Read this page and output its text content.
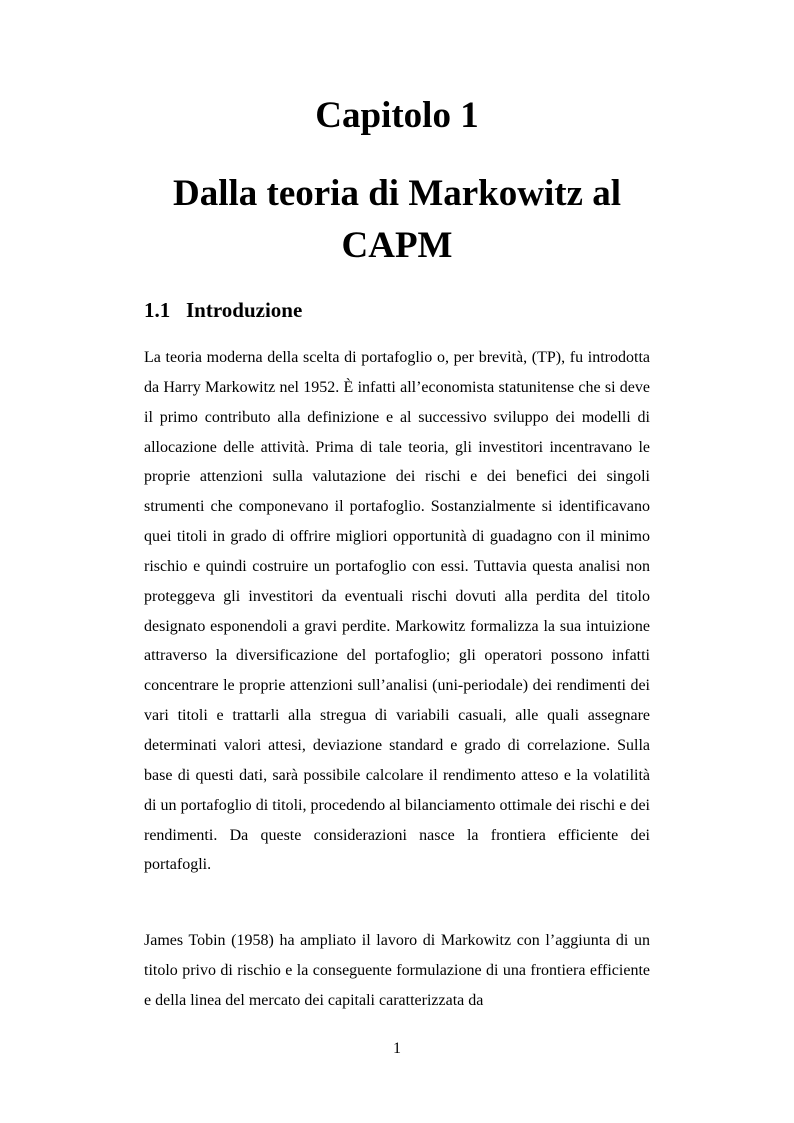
Capitolo 1
Dalla teoria di Markowitz al CAPM
1.1 Introduzione

La teoria moderna della scelta di portafoglio o, per brevità, (TP), fu introdotta da Harry Markowitz nel 1952. È infatti all’economista statunitense che si deve il primo contributo alla definizione e al successivo sviluppo dei modelli di allocazione delle attività. Prima di tale teoria, gli investitori incentravano le proprie attenzioni sulla valutazione dei rischi e dei benefici dei singoli strumenti che componevano il portafoglio. Sostanzialmente si identificavano quei titoli in grado di offrire migliori opportunità di guadagno con il minimo rischio e quindi costruire un portafoglio con essi. Tuttavia questa analisi non proteggeva gli investitori da eventuali rischi dovuti alla perdita del titolo designato esponendoli a gravi perdite. Markowitz formalizza la sua intuizione attraverso la diversificazione del portafoglio; gli operatori possono infatti concentrare le proprie attenzioni sull’analisi (uni-periodale) dei rendimenti dei vari titoli e trattarli alla stregua di variabili casuali, alle quali assegnare determinati valori attesi, deviazione standard e grado di correlazione. Sulla base di questi dati, sarà possibile calcolare il rendimento atteso e la volatilità di un portafoglio di titoli, procedendo al bilanciamento ottimale dei rischi e dei rendimenti. Da queste considerazioni nasce la frontiera efficiente dei portafogli.

James Tobin (1958) ha ampliato il lavoro di Markowitz con l’aggiunta di un titolo privo di rischio e la conseguente formulazione di una frontiera efficiente e della linea del mercato dei capitali caratterizzata da

1
